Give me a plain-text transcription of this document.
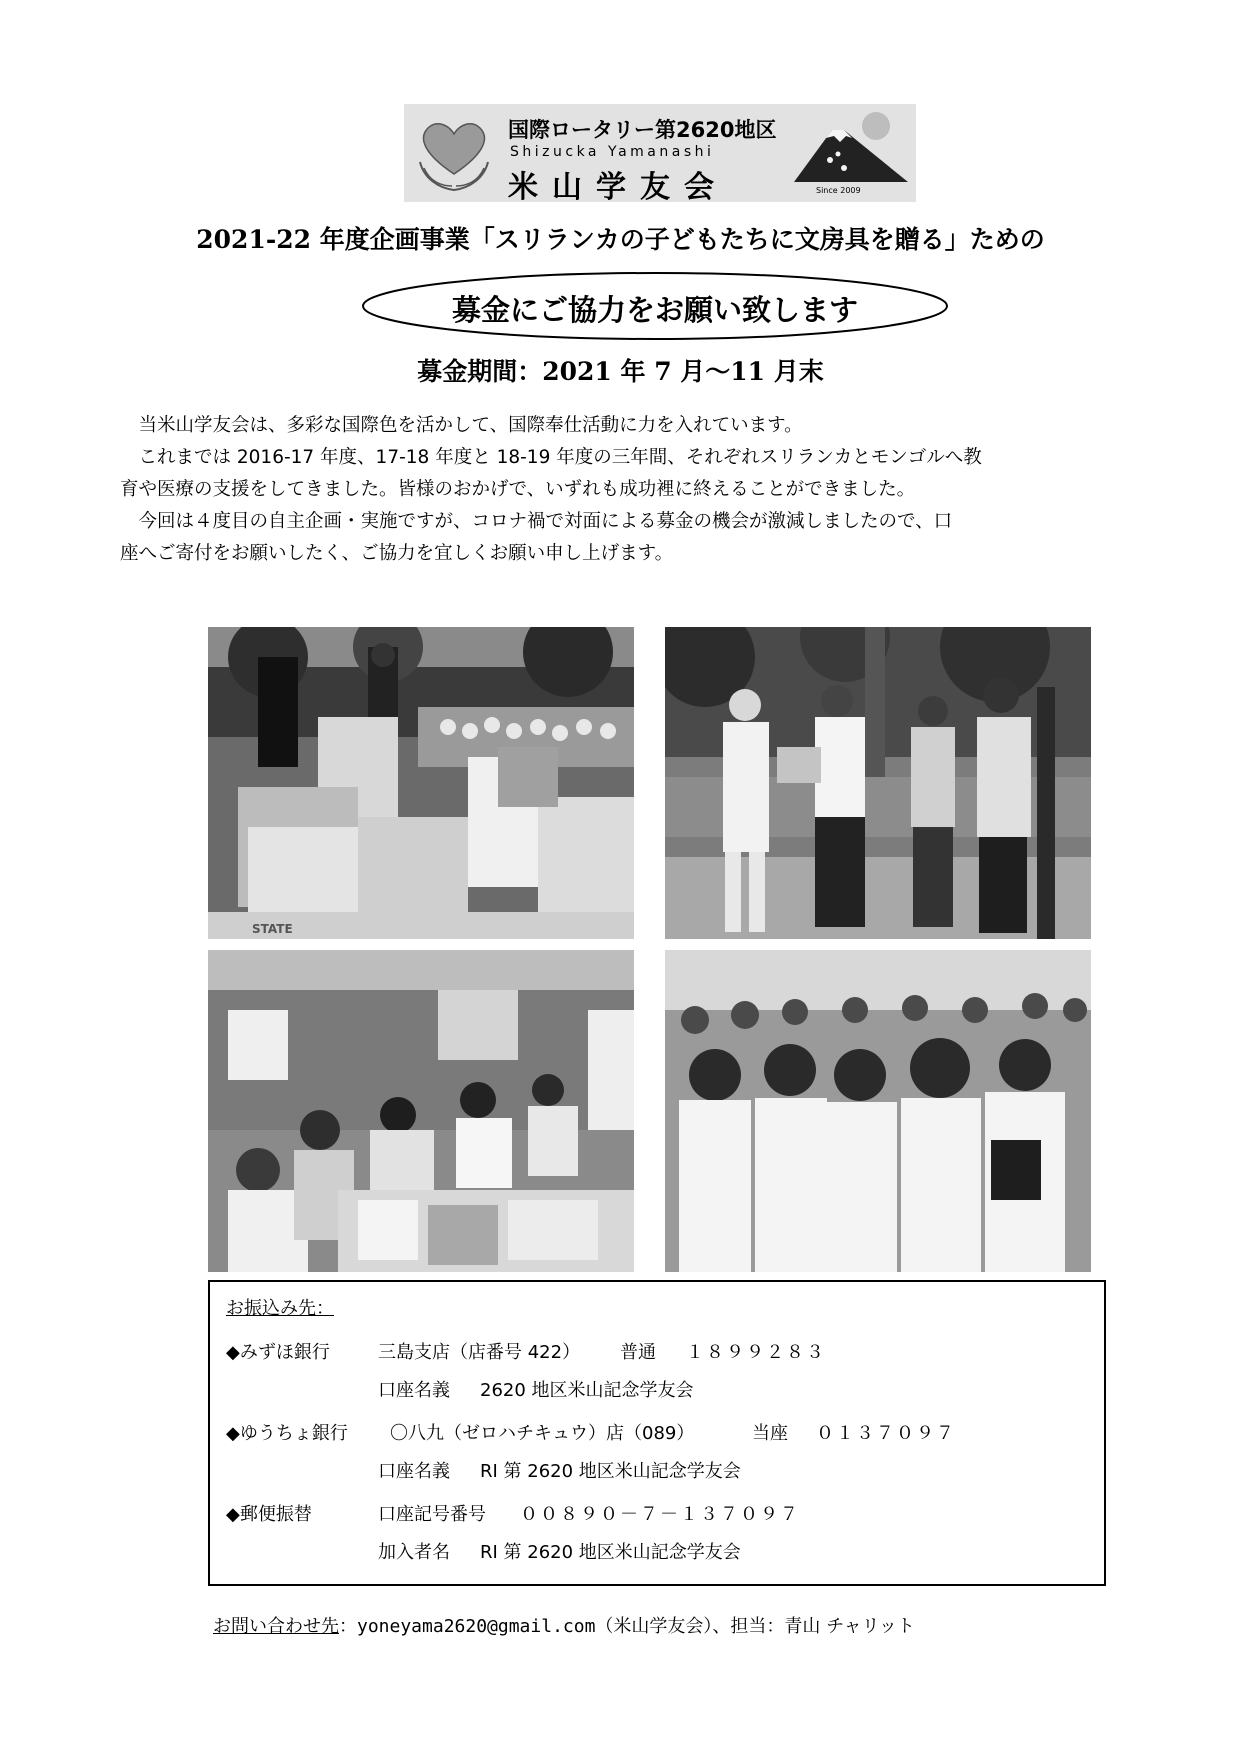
国際ロータリー第2620地区
Shizucka Yamanashi
米山学友会	Since 2009
2021-22 年度企画事業「スリランカの子どもたちに文房具を贈る」ための
募金にご協力をお願い致します
募金期間：2021 年 7 月～11 月末

当米山学友会は、多彩な国際色を活かして、国際奉仕活動に力を入れています。

これまでは 2016-17 年度、17-18 年度と 18-19 年度の三年間、それぞれスリランカとモンゴルへ教

育や医療の支援をしてきました。皆様のおかげで、いずれも成功裡に終えることができました。

今回は４度目の自主企画・実施ですが、コロナ禍で対面による募金の機会が激減しましたので、口

座へご寄付をお願いしたく、ご協力を宜しくお願い申し上げます。

STATE
お振込み先：
◆みずほ銀行	三島支店（店番号 422） 普通 １８９９２８３
口座名義 2620 地区米山記念学友会
◆ゆうちょ銀行 〇八九（ゼロハチキュウ）店（089）	当座 ０１３７０９７
口座名義 RI 第 2620 地区米山記念学友会
◆郵便振替	口座記号番号 ００８９０－７－１３７０９７
加入者名 RI 第 2620 地区米山記念学友会
お問い合わせ先：yoneyama2620@gmail.com（米山学友会）、担当：青山 チャリット
